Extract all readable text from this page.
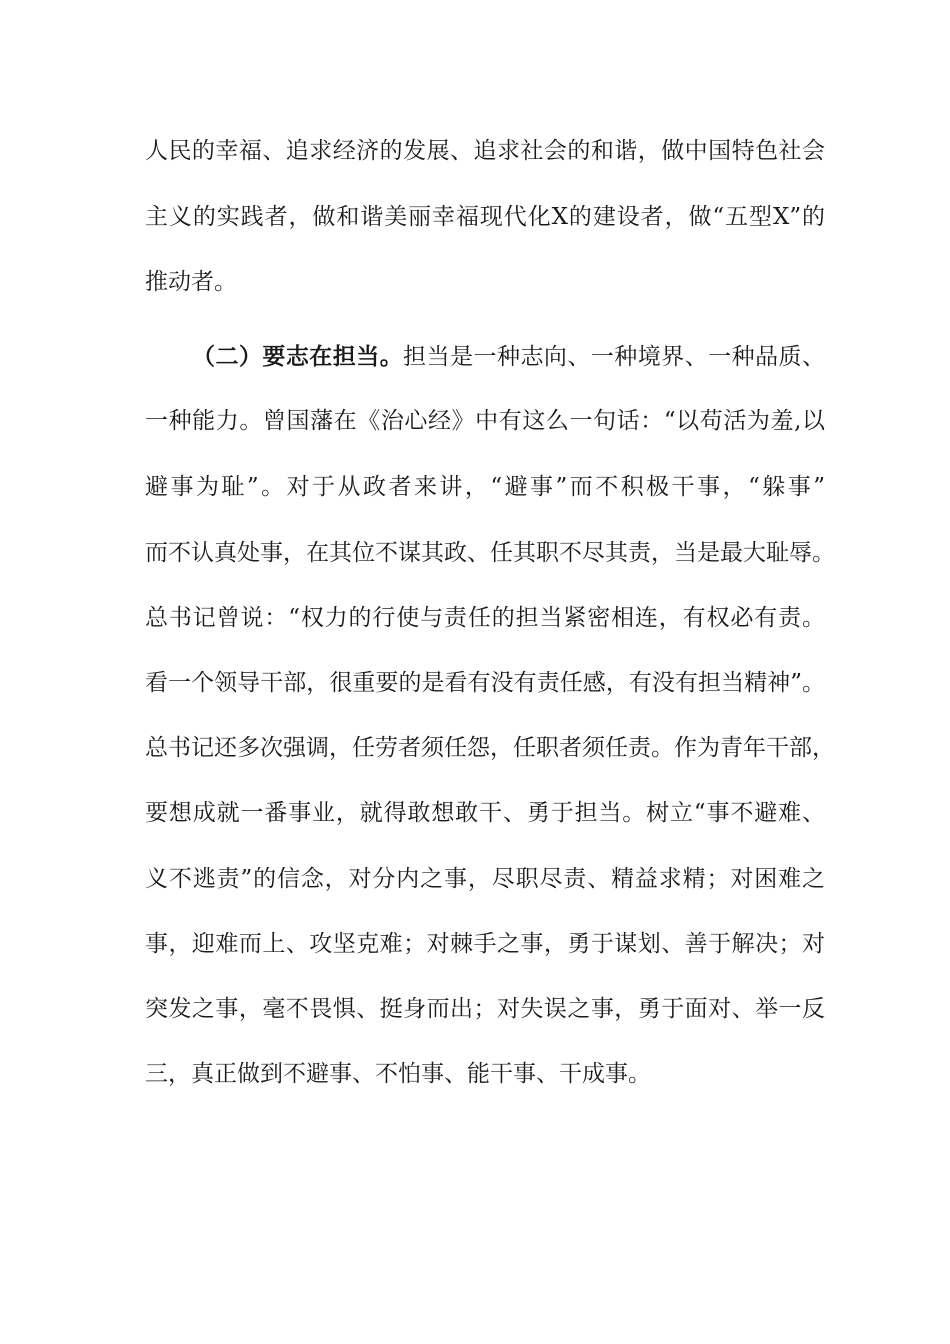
人民的幸福、追求经济的发展、追求社会的和谐，做中国特色社会
主义的实践者，做和谐美丽幸福现代化X的建设者，做“五型X”的
推动者。
（二）要志在担当。担当是一种志向、一种境界、一种品质、
一种能力。曾国藩在《治心经》中有这么一句话：“以苟活为羞,以
避事为耻”。对于从政者来讲，“避事”而不积极干事，“躲事”
而不认真处事，在其位不谋其政、任其职不尽其责，当是最大耻辱。
总书记曾说：“权力的行使与责任的担当紧密相连，有权必有责。
看一个领导干部，很重要的是看有没有责任感，有没有担当精神”。
总书记还多次强调，任劳者须任怨，任职者须任责。作为青年干部，
要想成就一番事业，就得敢想敢干、勇于担当。树立“事不避难、
义不逃责”的信念，对分内之事，尽职尽责、精益求精；对困难之
事，迎难而上、攻坚克难；对棘手之事，勇于谋划、善于解决；对
突发之事，毫不畏惧、挺身而出；对失误之事，勇于面对、举一反
三，真正做到不避事、不怕事、能干事、干成事。
